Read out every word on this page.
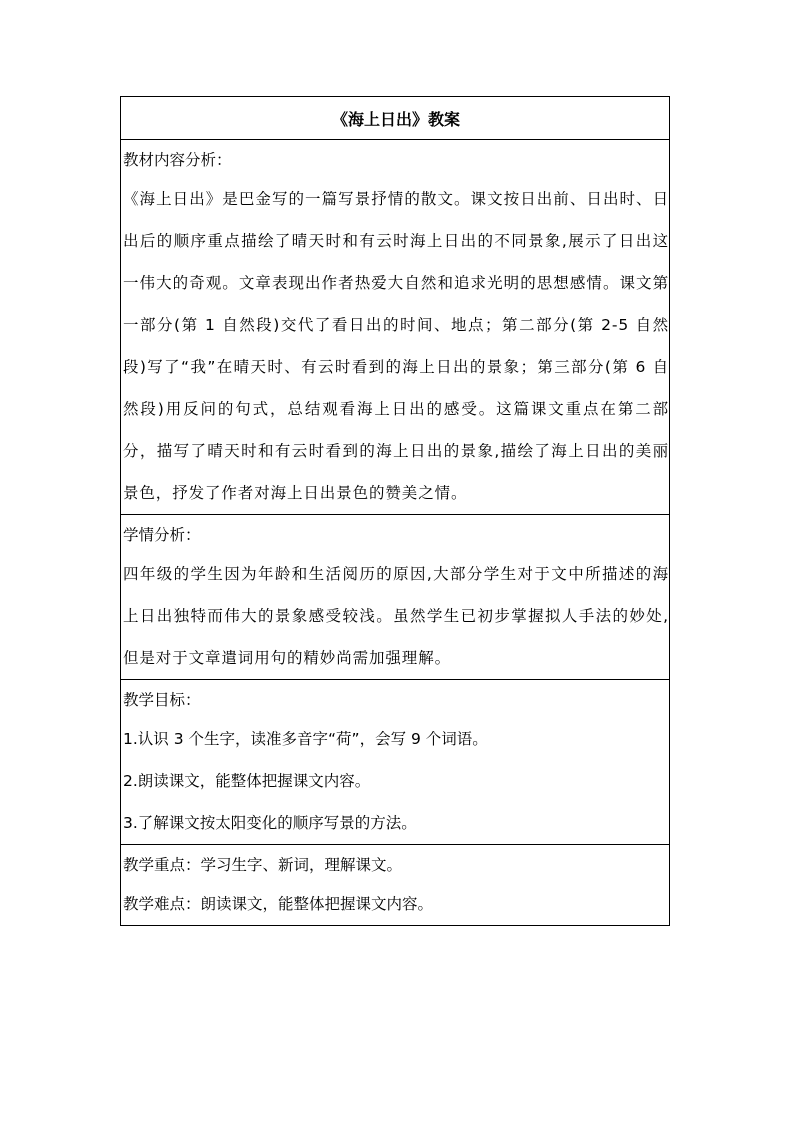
《海上日出》教案

教材内容分析：

《海上日出》是巴金写的一篇写景抒情的散文。课文按日出前、日出时、日出后的顺序重点描绘了晴天时和有云时海上日出的不同景象,展示了日出这一伟大的奇观。文章表现出作者热爱大自然和追求光明的思想感情。课文第一部分(第 1 自然段)交代了看日出的时间、地点；第二部分(第 2-5 自然段)写了“我”在晴天时、有云时看到的海上日出的景象；第三部分(第 6 自然段)用反问的句式，总结观看海上日出的感受。这篇课文重点在第二部分，描写了晴天时和有云时看到的海上日出的景象,描绘了海上日出的美丽景色，抒发了作者对海上日出景色的赞美之情。

学情分析：

四年级的学生因为年龄和生活阅历的原因,大部分学生对于文中所描述的海上日出独特而伟大的景象感受较浅。虽然学生已初步掌握拟人手法的妙处,但是对于文章遣词用句的精妙尚需加强理解。

教学目标：
1.认识 3 个生字，读准多音字“荷”，会写 9 个词语。
2.朗读课文，能整体把握课文内容。
3.了解课文按太阳变化的顺序写景的方法。

教学重点：学习生字、新词，理解课文。
教学难点：朗读课文，能整体把握课文内容。
